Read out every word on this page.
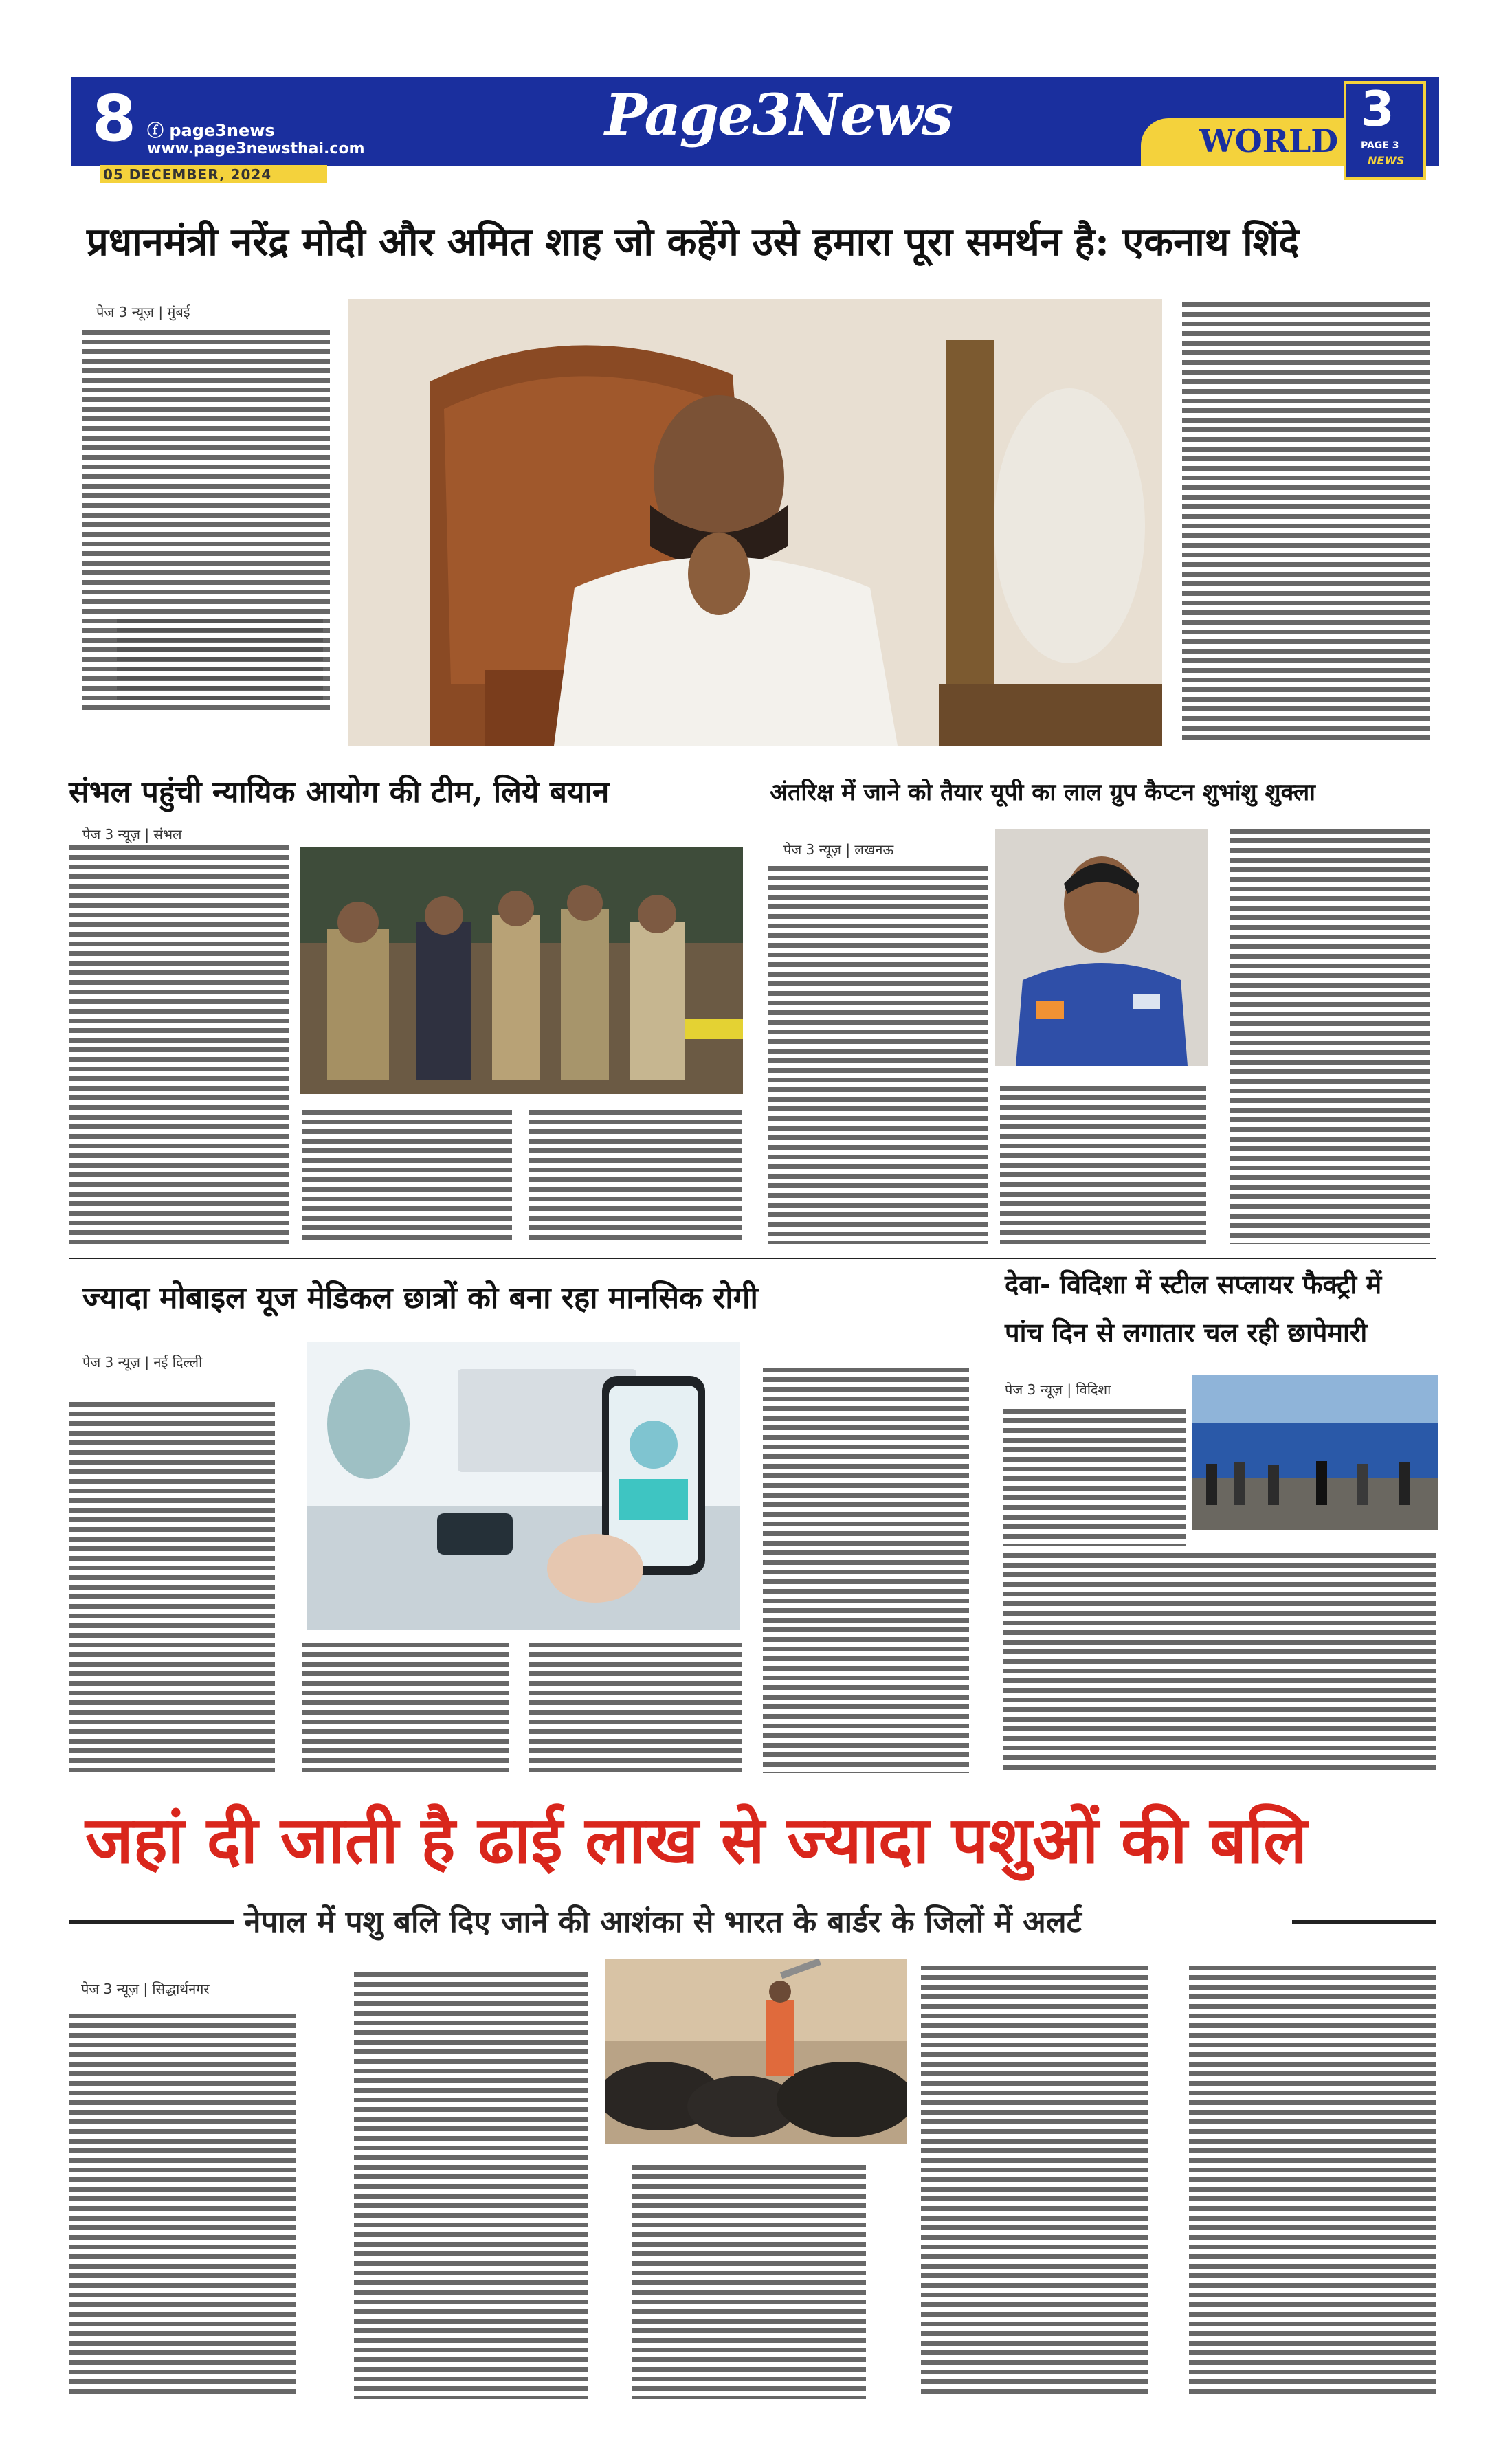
8 ⓕ page3news
www.page3newsthai.com
05 DECEMBER, 2024
Page3News	WORLD
3
PAGE 3
NEWS
प्रधानमंत्री नरेंद्र मोदी और अमित शाह जो कहेंगे उसे हमारा पूरा समर्थन है: एकनाथ शिंदे
पेज 3 न्यूज़ | मुंबई
संभल पहुंची न्यायिक आयोग की टीम, लिये बयान
पेज 3 न्यूज़ | संभल
अंतरिक्ष में जाने को तैयार यूपी का लाल ग्रुप कैप्टन शुभांशु शुक्ला
पेज 3 न्यूज़ | लखनऊ
ज्यादा मोबाइल यूज मेडिकल छात्रों को बना रहा मानसिक रोगी
पेज 3 न्यूज़ | नई दिल्ली
देवा- विदिशा में स्टील सप्लायर फैक्ट्री में
पांच दिन से लगातार चल रही छापेमारी
पेज 3 न्यूज़ | विदिशा
जहां दी जाती है ढाई लाख से ज्यादा पशुओं की बलि
नेपाल में पशु बलि दिए जाने की आशंका से भारत के बार्डर के जिलों में अलर्ट
पेज 3 न्यूज़ | सिद्धार्थनगर
